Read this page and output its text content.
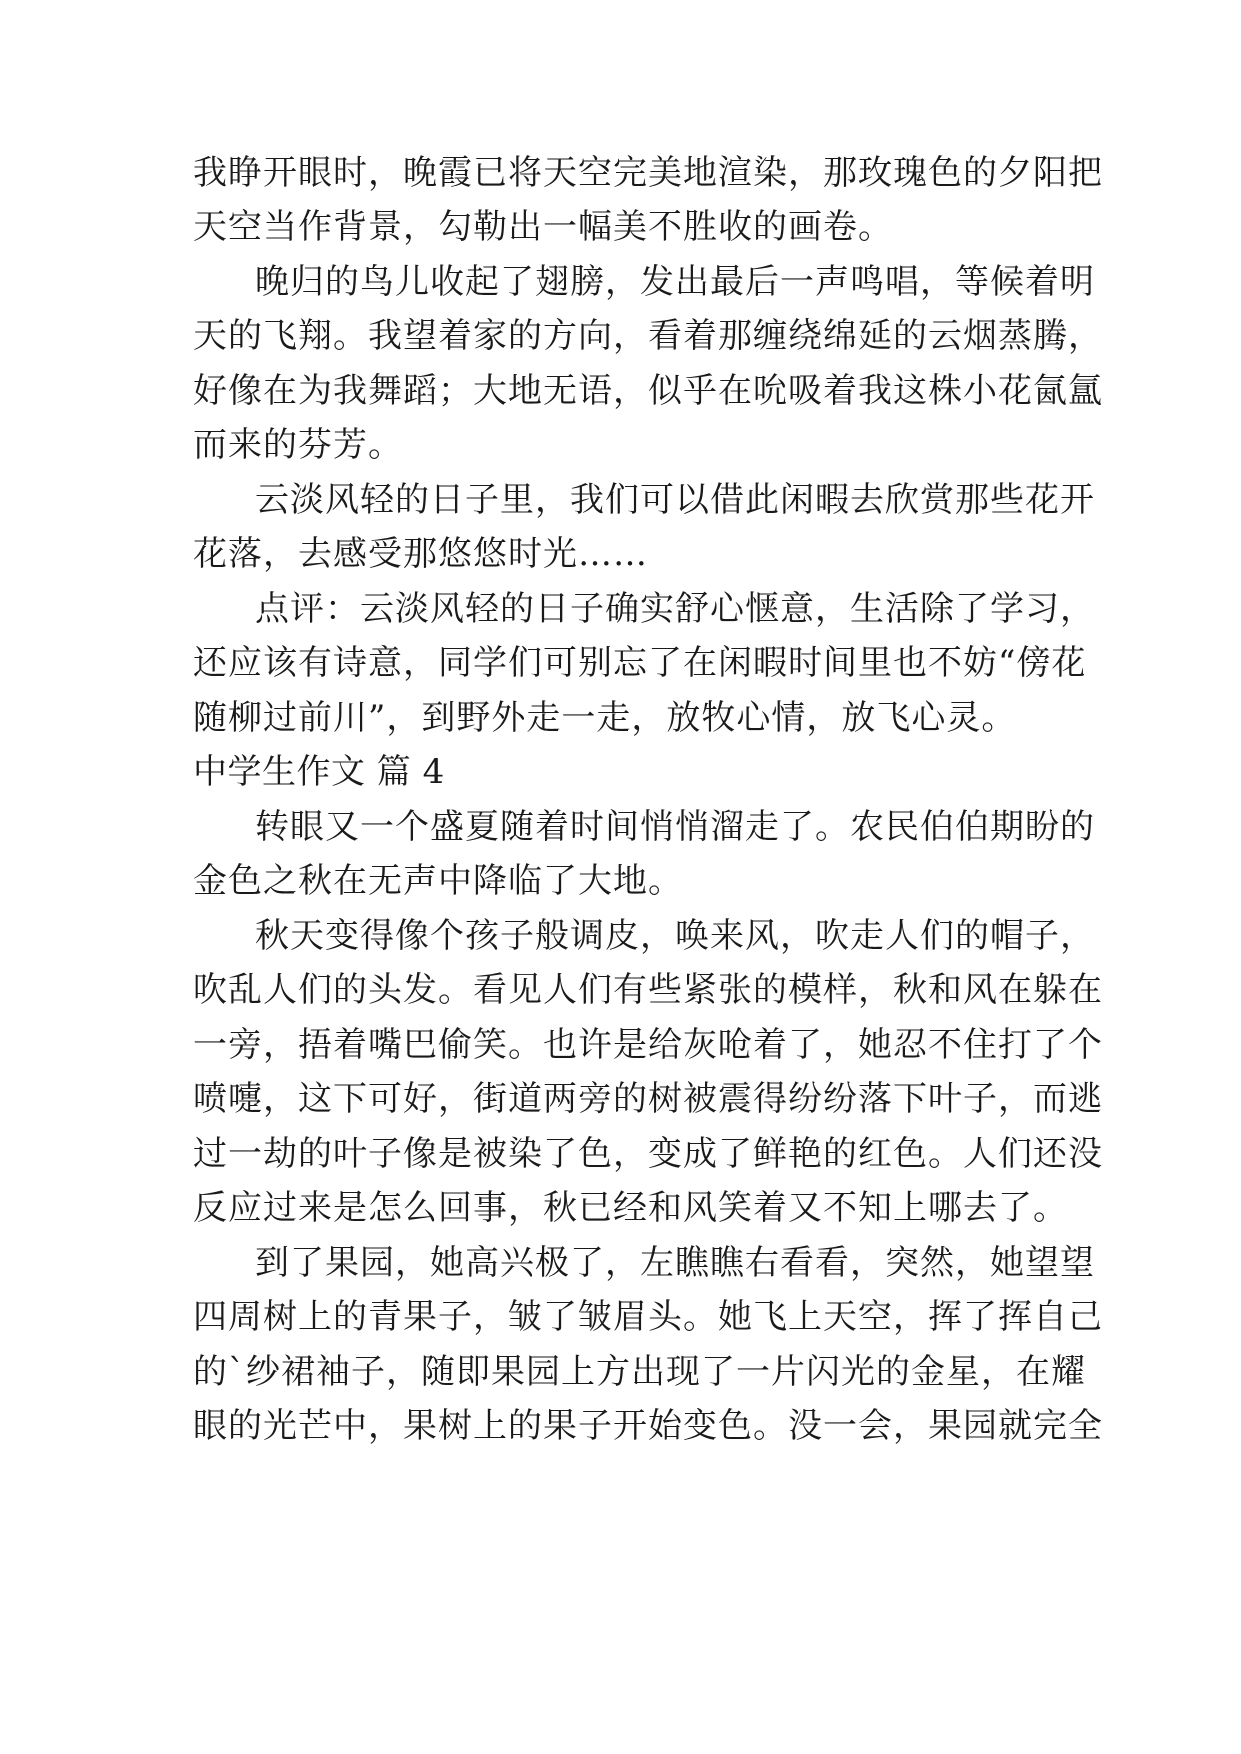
我睁开眼时，晚霞已将天空完美地渲染，那玫瑰色的夕阳把
天空当作背景，勾勒出一幅美不胜收的画卷。
晚归的鸟儿收起了翅膀，发出最后一声鸣唱，等候着明
天的飞翔。我望着家的方向，看着那缠绕绵延的云烟蒸腾，
好像在为我舞蹈；大地无语，似乎在吮吸着我这株小花氤氲
而来的芬芳。
云淡风轻的日子里，我们可以借此闲暇去欣赏那些花开
花落，去感受那悠悠时光……
点评：云淡风轻的日子确实舒心惬意，生活除了学习，
还应该有诗意，同学们可别忘了在闲暇时间里也不妨“傍花
随柳过前川”，到野外走一走，放牧心情，放飞心灵。
中学生作文 篇 4
转眼又一个盛夏随着时间悄悄溜走了。农民伯伯期盼的
金色之秋在无声中降临了大地。
秋天变得像个孩子般调皮，唤来风，吹走人们的帽子，
吹乱人们的头发。看见人们有些紧张的模样，秋和风在躲在
一旁，捂着嘴巴偷笑。也许是给灰呛着了，她忍不住打了个
喷嚏，这下可好，街道两旁的树被震得纷纷落下叶子，而逃
过一劫的叶子像是被染了色，变成了鲜艳的红色。人们还没
反应过来是怎么回事，秋已经和风笑着又不知上哪去了。
到了果园，她高兴极了，左瞧瞧右看看，突然，她望望
四周树上的青果子，皱了皱眉头。她飞上天空，挥了挥自己
的`纱裙袖子，随即果园上方出现了一片闪光的金星，在耀
眼的光芒中，果树上的果子开始变色。没一会，果园就完全
